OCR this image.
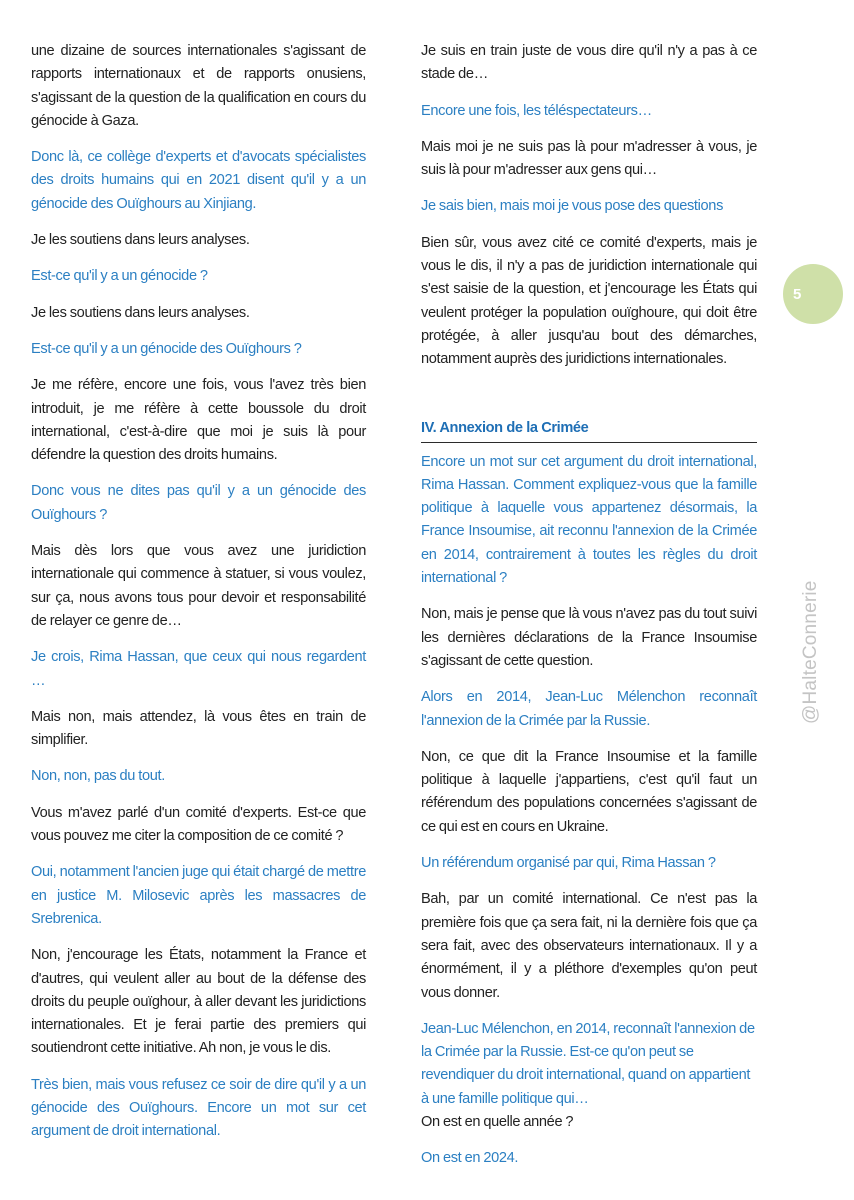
une dizaine de sources internationales s'agissant de rapports internationaux et de rapports onusiens, s'agissant de la question de la qualification en cours du génocide à Gaza.

Donc là, ce collège d'experts et d'avocats spécialistes des droits humains qui en 2021 disent qu'il y a un génocide des Ouïghours au Xinjiang.

Je les soutiens dans leurs analyses.

Est-ce qu'il y a un génocide ?

Je les soutiens dans leurs analyses.

Est-ce qu'il y a un génocide des Ouïghours ?

Je me réfère, encore une fois, vous l'avez très bien introduit, je me réfère à cette boussole du droit international, c'est-à-dire que moi je suis là pour défendre la question des droits humains.

Donc vous ne dites pas qu'il y a un génocide des Ouïghours ?

Mais dès lors que vous avez une juridiction internationale qui commence à statuer, si vous voulez, sur ça, nous avons tous pour devoir et responsabilité de relayer ce genre de…

Je crois, Rima Hassan, que ceux qui nous regardent …

Mais non, mais attendez, là vous êtes en train de simplifier.

Non, non, pas du tout.

Vous m'avez parlé d'un comité d'experts. Est-ce que vous pouvez me citer la composition de ce comité ?

Oui, notamment l'ancien juge qui était chargé de mettre en justice M. Milosevic après les massacres de Srebrenica.

Non, j'encourage les États, notamment la France et d'autres, qui veulent aller au bout de la défense des droits du peuple ouïghour, à aller devant les juridictions internationales. Et je ferai partie des premiers qui soutiendront cette initiative. Ah non, je vous le dis.

Très bien, mais vous refusez ce soir de dire qu'il y a un génocide des Ouïghours. Encore un mot sur cet argument de droit international.

Je suis en train juste de vous dire qu'il n'y a pas à ce stade de…

Encore une fois, les téléspectateurs…

Mais moi je ne suis pas là pour m'adresser à vous, je suis là pour m'adresser aux gens qui…

Je sais bien, mais moi je vous pose des questions

Bien sûr, vous avez cité ce comité d'experts, mais je vous le dis, il n'y a pas de juridiction internationale qui s'est saisie de la question, et j'encourage les États qui veulent protéger la population ouïghoure, qui doit être protégée, à aller jusqu'au bout des démarches, notamment auprès des juridictions internationales.

IV. Annexion de la Crimée

Encore un mot sur cet argument du droit international, Rima Hassan. Comment expliquez-vous que la famille politique à laquelle vous appartenez désormais, la France Insoumise, ait reconnu l'annexion de la Crimée en 2014, contrairement à toutes les règles du droit international ?

Non, mais je pense que là vous n'avez pas du tout suivi les dernières déclarations de la France Insoumise s'agissant de cette question.

Alors en 2014, Jean-Luc Mélenchon reconnaît l'annexion de la Crimée par la Russie.

Non, ce que dit la France Insoumise et la famille politique à laquelle j'appartiens, c'est qu'il faut un référendum des populations concernées s'agissant de ce qui est en cours en Ukraine.

Un référendum organisé par qui, Rima Hassan ?

Bah, par un comité international. Ce n'est pas la première fois que ça sera fait, ni la dernière fois que ça sera fait, avec des observateurs internationaux. Il y a énormément, il y a pléthore d'exemples qu'on peut vous donner.

Jean-Luc Mélenchon, en 2014, reconnaît l'annexion de la Crimée par la Russie. Est-ce qu'on peut se revendiquer du droit international, quand on appartient à une famille politique qui…

On est en quelle année ?

On est en 2024.

5
@HalteConnerie
